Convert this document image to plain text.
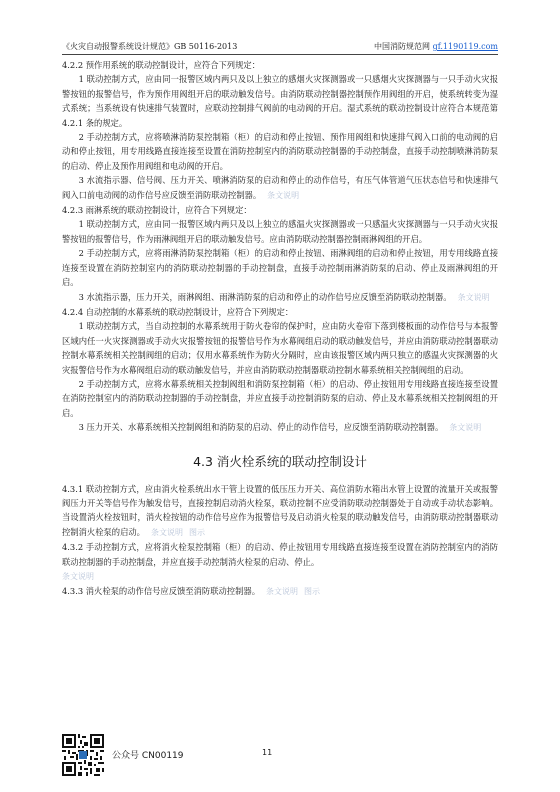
《火灾自动报警系统设计规范》GB 50116-2013	中国消防规范网 gf.1190119.com

4.2.2 预作用系统的联动控制设计，应符合下列规定：

1 联动控制方式，应由同一报警区域内两只及以上独立的感烟火灾探测器或一只感烟火灾探测器与一只手动火灾报警按钮的报警信号，作为预作用阀组开启的联动触发信号。由消防联动控制器控制预作用阀组的开启，使系统转变为湿式系统；当系统设有快速排气装置时，应联动控制排气阀前的电动阀的开启。湿式系统的联动控制设计应符合本规范第 4.2.1 条的规定。

2 手动控制方式，应将喷淋消防泵控制箱（柜）的启动和停止按钮、预作用阀组和快速排气阀入口前的电动阀的启动和停止按钮，用专用线路直接连接至设置在消防控制室内的消防联动控制器的手动控制盘，直接手动控制喷淋消防泵的启动、停止及预作用阀组和电动阀的开启。

3 水流指示器、信号阀、压力开关、喷淋消防泵的启动和停止的动作信号，有压气体管道气压状态信号和快速排气阀入口前电动阀的动作信号应反馈至消防联动控制器。 条文说明

4.2.3 雨淋系统的联动控制设计，应符合下列规定：

1 联动控制方式，应由同一报警区域内两只及以上独立的感温火灾探测器或一只感温火灾探测器与一只手动火灾报警按钮的报警信号，作为雨淋阀组开启的联动触发信号。应由消防联动控制器控制雨淋阀组的开启。

2 手动控制方式，应将雨淋消防泵控制箱（柜）的启动和停止按钮、雨淋阀组的启动和停止按钮，用专用线路直接连接至设置在消防控制室内的消防联动控制器的手动控制盘，直接手动控制雨淋消防泵的启动、停止及雨淋阀组的开启。

3 水流指示器，压力开关，雨淋阀组、雨淋消防泵的启动和停止的动作信号应反馈至消防联动控制器。 条文说明

4.2.4 自动控制的水幕系统的联动控制设计，应符合下列规定：

1 联动控制方式，当自动控制的水幕系统用于防火卷帘的保护时，应由防火卷帘下落到楼板面的动作信号与本报警区域内任一火灾探测器或手动火灾报警按钮的报警信号作为水幕阀组启动的联动触发信号，并应由消防联动控制器联动控制水幕系统相关控制阀组的启动；仅用水幕系统作为防火分隔时，应由该报警区域内两只独立的感温火灾探测器的火灾报警信号作为水幕阀组启动的联动触发信号，并应由消防联动控制器联动控制水幕系统相关控制阀组的启动。

2 手动控制方式，应将水幕系统相关控制阀组和消防泵控制箱（柜）的启动、停止按钮用专用线路直接连接至设置在消防控制室内的消防联动控制器的手动控制盘，并应直接手动控制消防泵的启动、停止及水幕系统相关控制阀组的开启。

3 压力开关、水幕系统相关控制阀组和消防泵的启动、停止的动作信号，应反馈至消防联动控制器。 条文说明

4.3 消火栓系统的联动控制设计

4.3.1 联动控制方式，应由消火栓系统出水干管上设置的低压压力开关、高位消防水箱出水管上设置的流量开关或报警阀压力开关等信号作为触发信号，直接控制启动消火栓泵，联动控制不应受消防联动控制器处于自动或手动状态影响。当设置消火栓按钮时，消火栓按钮的动作信号应作为报警信号及启动消火栓泵的联动触发信号，由消防联动控制器联动控制消火栓泵的启动。 条文说明 图示

4.3.2 手动控制方式，应将消火栓泵控制箱（柜）的启动、停止按钮用专用线路直接连接至设置在消防控制室内的消防联动控制器的手动控制盘，并应直接手动控制消火栓泵的启动、停止。
条文说明

4.3.3 消火栓泵的动作信号应反馈至消防联动控制器。 条文说明 图示

公众号 CN00119	11
